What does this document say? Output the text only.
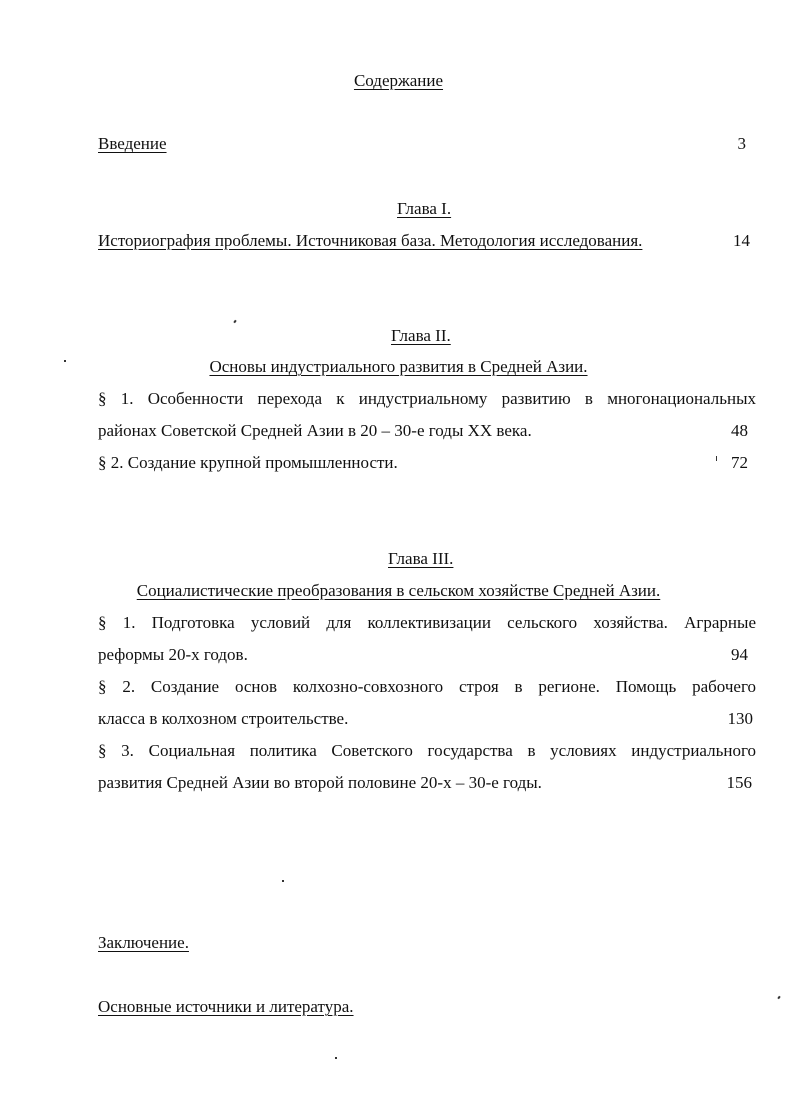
Содержание
Введение	3
Глава I.
Историография проблемы. Источниковая база. Методология исследования.	14
Глава II.
Основы индустриального развития в Средней Азии.
§ 1. Особенности перехода к индустриальному развитию в многонациональных
районах Советской Средней Азии в 20 – 30-е годы XX века.	48
§ 2. Создание крупной промышленности.	72
Глава III.
Социалистические преобразования в сельском хозяйстве Средней Азии.
§ 1. Подготовка условий для коллективизации сельского хозяйства. Аграрные
реформы 20-х годов.	94
§ 2. Создание основ колхозно-совхозного строя в регионе. Помощь рабочего
класса в колхозном строительстве.	130
§ 3. Социальная политика Советского государства в условиях индустриального
развития Средней Азии во второй половине 20-х – 30-е годы.	156
Заключение.
Основные источники и литература.
